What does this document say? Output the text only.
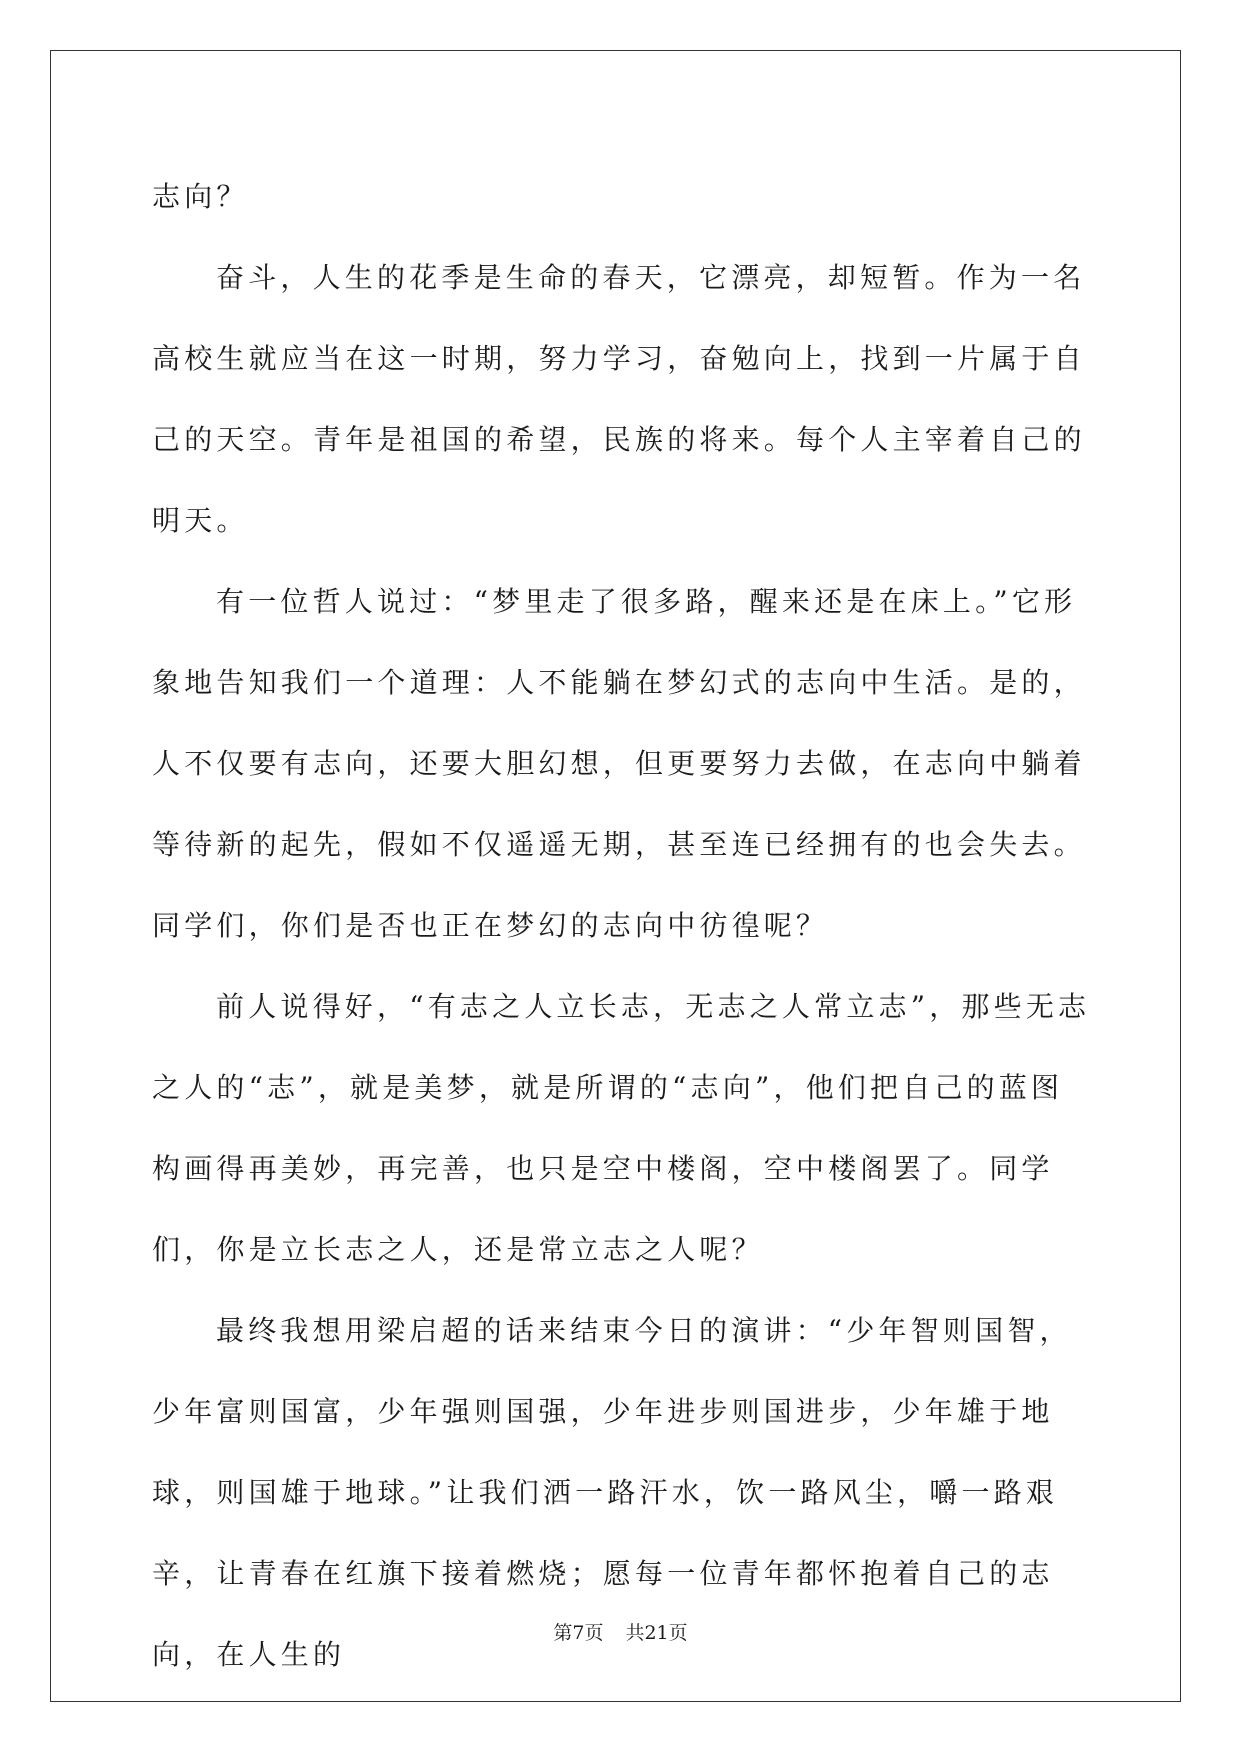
志向？

奋斗，人生的花季是生命的春天，它漂亮，却短暂。作为一名高校生就应当在这一时期，努力学习，奋勉向上，找到一片属于自己的天空。青年是祖国的希望，民族的将来。每个人主宰着自己的明天。

有一位哲人说过：“梦里走了很多路，醒来还是在床上。”它形象地告知我们一个道理：人不能躺在梦幻式的志向中生活。是的，人不仅要有志向，还要大胆幻想，但更要努力去做，在志向中躺着等待新的起先，假如不仅遥遥无期，甚至连已经拥有的也会失去。同学们，你们是否也正在梦幻的志向中彷徨呢？

前人说得好，“有志之人立长志，无志之人常立志”，那些无志之人的“志”，就是美梦，就是所谓的“志向”，他们把自己的蓝图构画得再美妙，再完善，也只是空中楼阁，空中楼阁罢了。同学们，你是立长志之人，还是常立志之人呢？

最终我想用梁启超的话来结束今日的演讲：“少年智则国智，少年富则国富，少年强则国强，少年进步则国进步，少年雄于地球，则国雄于地球。”让我们洒一路汗水，饮一路风尘，嚼一路艰辛，让青春在红旗下接着燃烧；愿每一位青年都怀抱着自己的志向，在人生的

第7页 共21页
